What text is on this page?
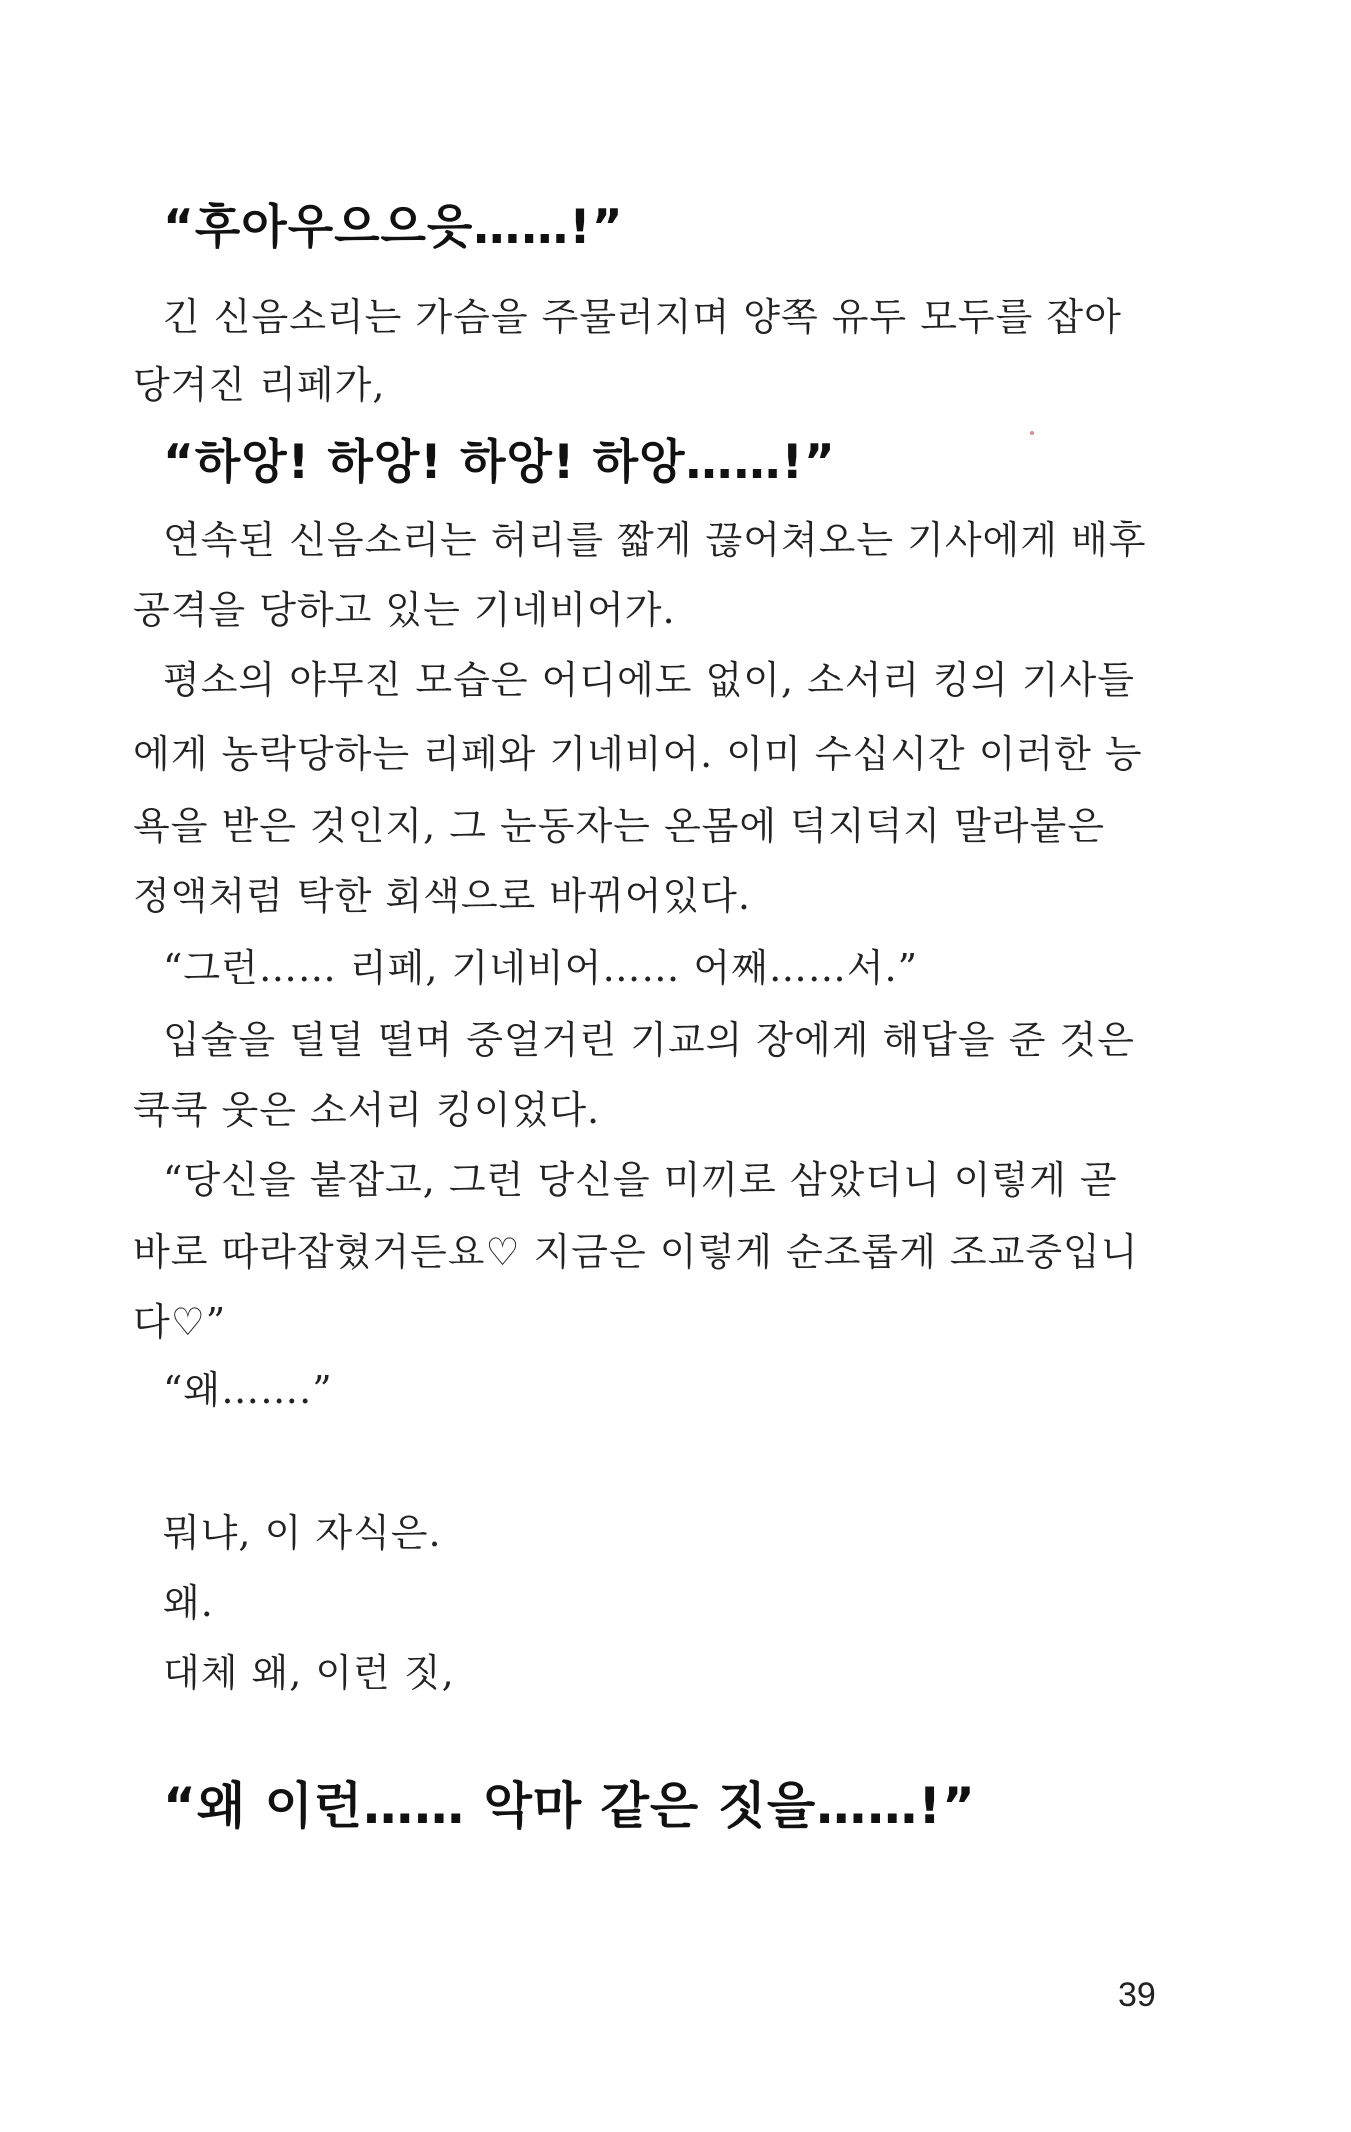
“후아우으으읏……!”
긴 신음소리는 가슴을 주물러지며 양쪽 유두 모두를 잡아
당겨진 리페가,
“하앙! 하앙! 하앙! 하앙……!”
연속된 신음소리는 허리를 짧게 끊어쳐오는 기사에게 배후
공격을 당하고 있는 기네비어가.
평소의 야무진 모습은 어디에도 없이, 소서리 킹의 기사들
에게 농락당하는 리페와 기네비어. 이미 수십시간 이러한 능
욕을 받은 것인지, 그 눈동자는 온몸에 덕지덕지 말라붙은
정액처럼 탁한 회색으로 바뀌어있다.
“그런…… 리페, 기네비어…… 어째……서.”
입술을 덜덜 떨며 중얼거린 기교의 장에게 해답을 준 것은
쿡쿡 웃은 소서리 킹이었다.
“당신을 붙잡고, 그런 당신을 미끼로 삼았더니 이렇게 곧
바로 따라잡혔거든요♡ 지금은 이렇게 순조롭게 조교중입니
다♡”
“왜…….”
뭐냐, 이 자식은.
왜.
대체 왜, 이런 짓,
“왜 이런…… 악마 같은 짓을……!”
39
